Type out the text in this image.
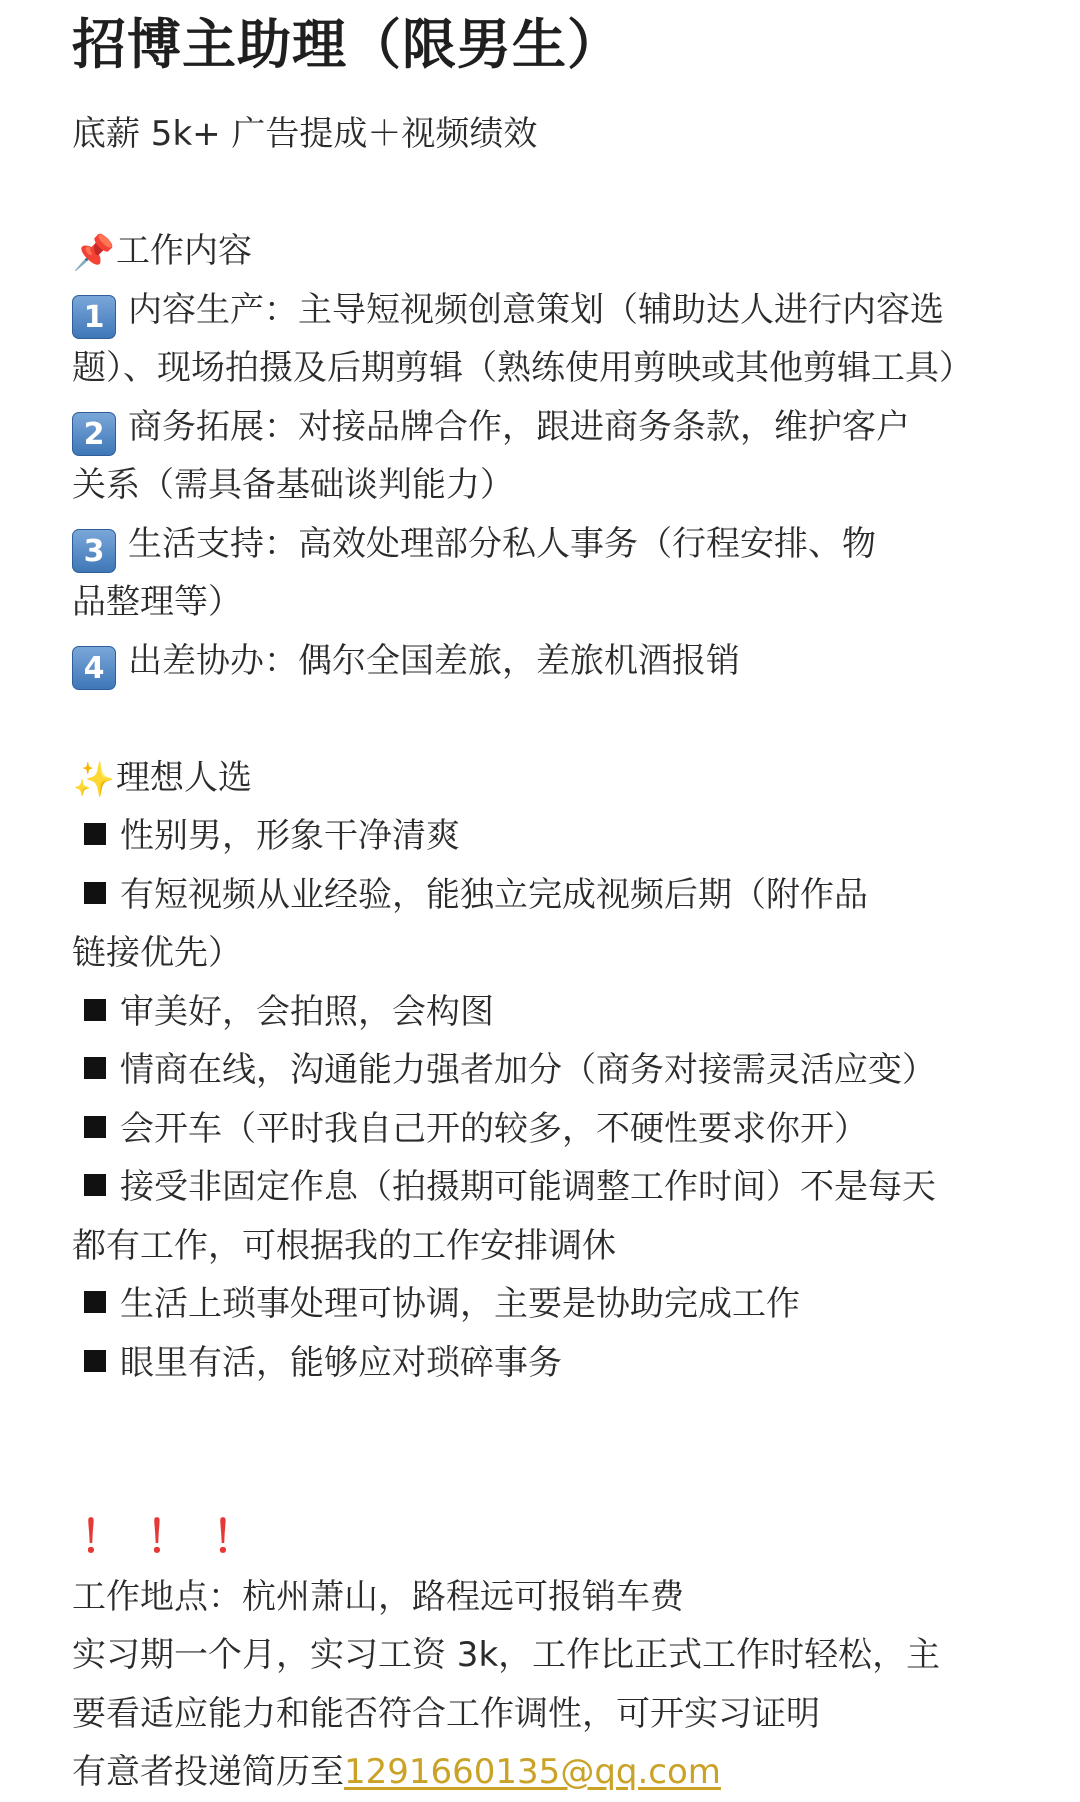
招博主助理（限男生）
底薪 5k+ 广告提成＋视频绩效
📌工作内容
1 内容生产：主导短视频创意策划（辅助达人进行内容选
题）、现场拍摄及后期剪辑（熟练使用剪映或其他剪辑工具）
2 商务拓展：对接品牌合作，跟进商务条款，维护客户
关系（需具备基础谈判能力）
3 生活支持：高效处理部分私人事务（行程安排、物
品整理等）
4 出差协办：偶尔全国差旅，差旅机酒报销
✨理想人选
性别男，形象干净清爽
有短视频从业经验，能独立完成视频后期（附作品
链接优先）
审美好，会拍照，会构图
情商在线，沟通能力强者加分（商务对接需灵活应变）
会开车（平时我自己开的较多，不硬性要求你开）
接受非固定作息（拍摄期可能调整工作时间）不是每天
都有工作，可根据我的工作安排调休
生活上琐事处理可协调，主要是协助完成工作
眼里有活，能够应对琐碎事务
！！！
工作地点：杭州萧山，路程远可报销车费
实习期一个月，实习工资 3k，工作比正式工作时轻松，主
要看适应能力和能否符合工作调性，可开实习证明
有意者投递简历至1291660135@qq.com
